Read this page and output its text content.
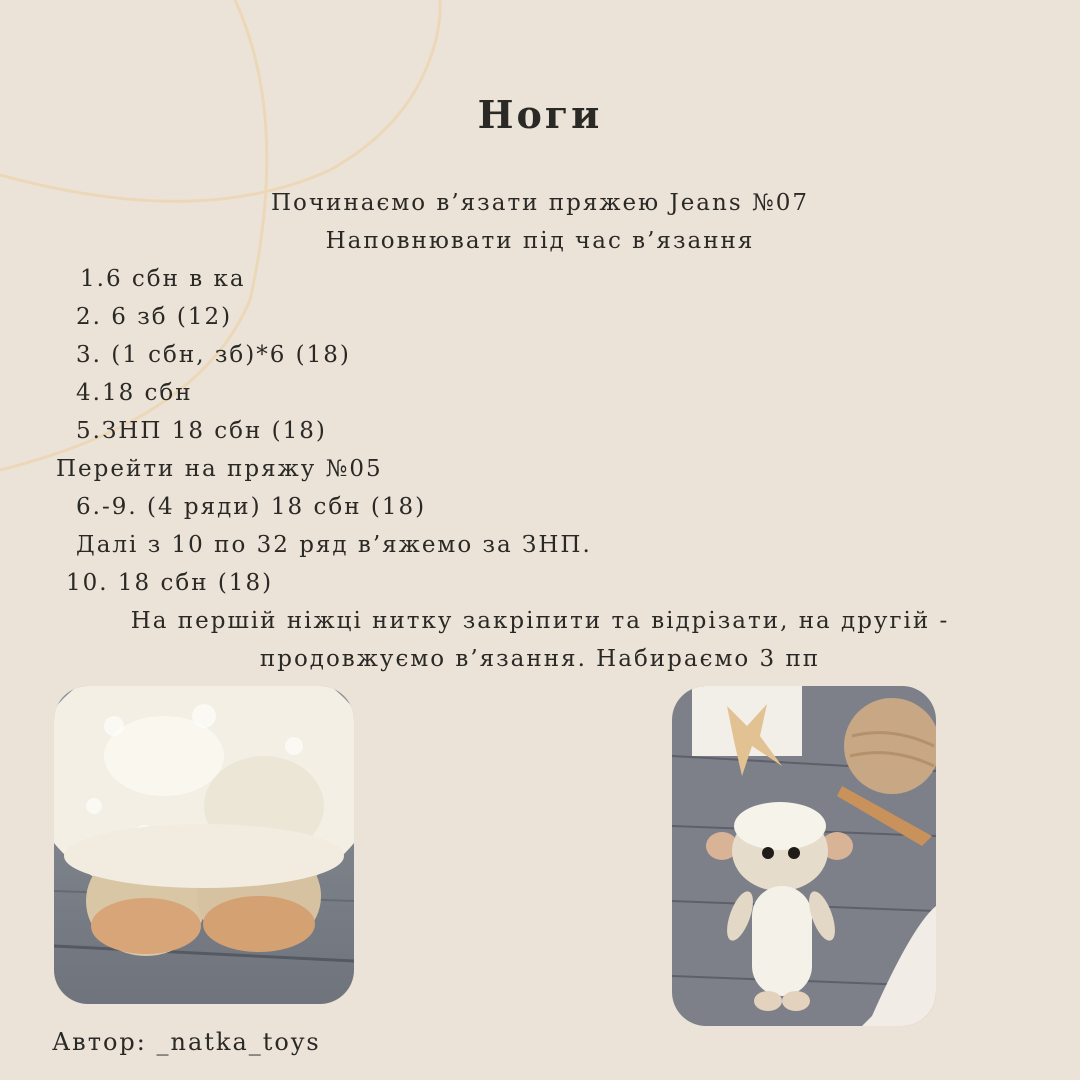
Ноги
Починаємо в’язати пряжею Jeans №07
Наповнювати під час в’язання
1.6 сбн в ка
2. 6 зб (12)
3. (1 сбн, зб)*6 (18)
4.18 сбн
5.ЗНП 18 сбн (18)
Перейти на пряжу №05
6.-9. (4 ряди) 18 сбн (18)
Далі з 10 по 32 ряд в’яжемо за ЗНП.
10. 18 сбн (18)
На першій ніжці нитку закріпити та відрізати, на другій -
продовжуємо в’язання. Набираємо 3 пп
Автор: _natka_toys
